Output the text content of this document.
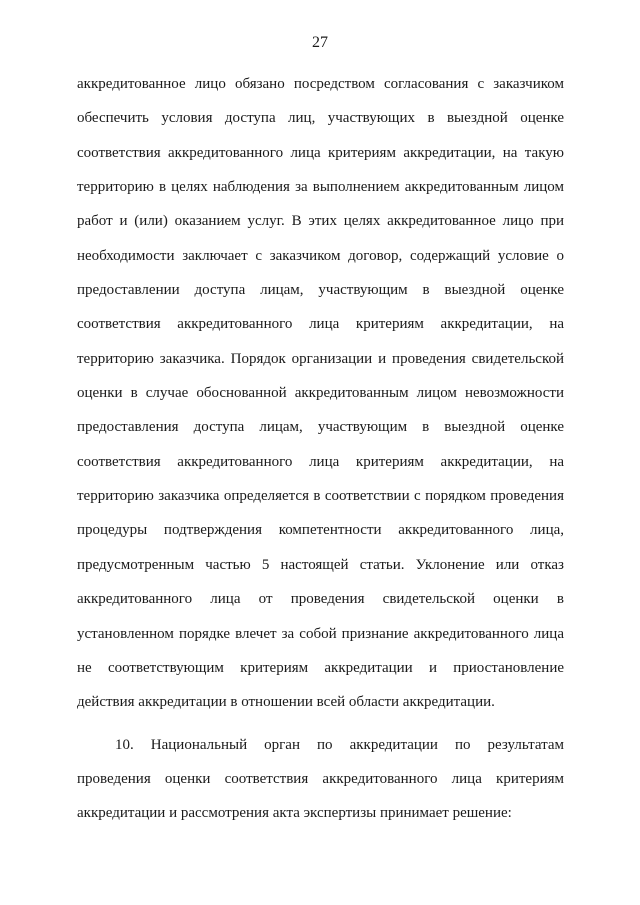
27
аккредитованное лицо обязано посредством согласования с заказчиком
обеспечить условия доступа лиц, участвующих в выездной оценке
соответствия аккредитованного лица критериям аккредитации, на такую
территорию в целях наблюдения за выполнением аккредитованным лицом
работ и (или) оказанием услуг. В этих целях аккредитованное лицо при
необходимости заключает с заказчиком договор, содержащий условие о
предоставлении доступа лицам, участвующим в выездной оценке
соответствия аккредитованного лица критериям аккредитации, на
территорию заказчика. Порядок организации и проведения свидетельской
оценки в случае обоснованной аккредитованным лицом невозможности
предоставления доступа лицам, участвующим в выездной оценке
соответствия аккредитованного лица критериям аккредитации, на
территорию заказчика определяется в соответствии с порядком проведения
процедуры подтверждения компетентности аккредитованного лица,
предусмотренным частью 5 настоящей статьи. Уклонение или отказ
аккредитованного лица от проведения свидетельской оценки в
установленном порядке влечет за собой признание аккредитованного лица
не соответствующим критериям аккредитации и приостановление
действия аккредитации в отношении всей области аккредитации.
10. Национальный орган по аккредитации по результатам
проведения оценки соответствия аккредитованного лица критериям
аккредитации и рассмотрения акта экспертизы принимает решение:
